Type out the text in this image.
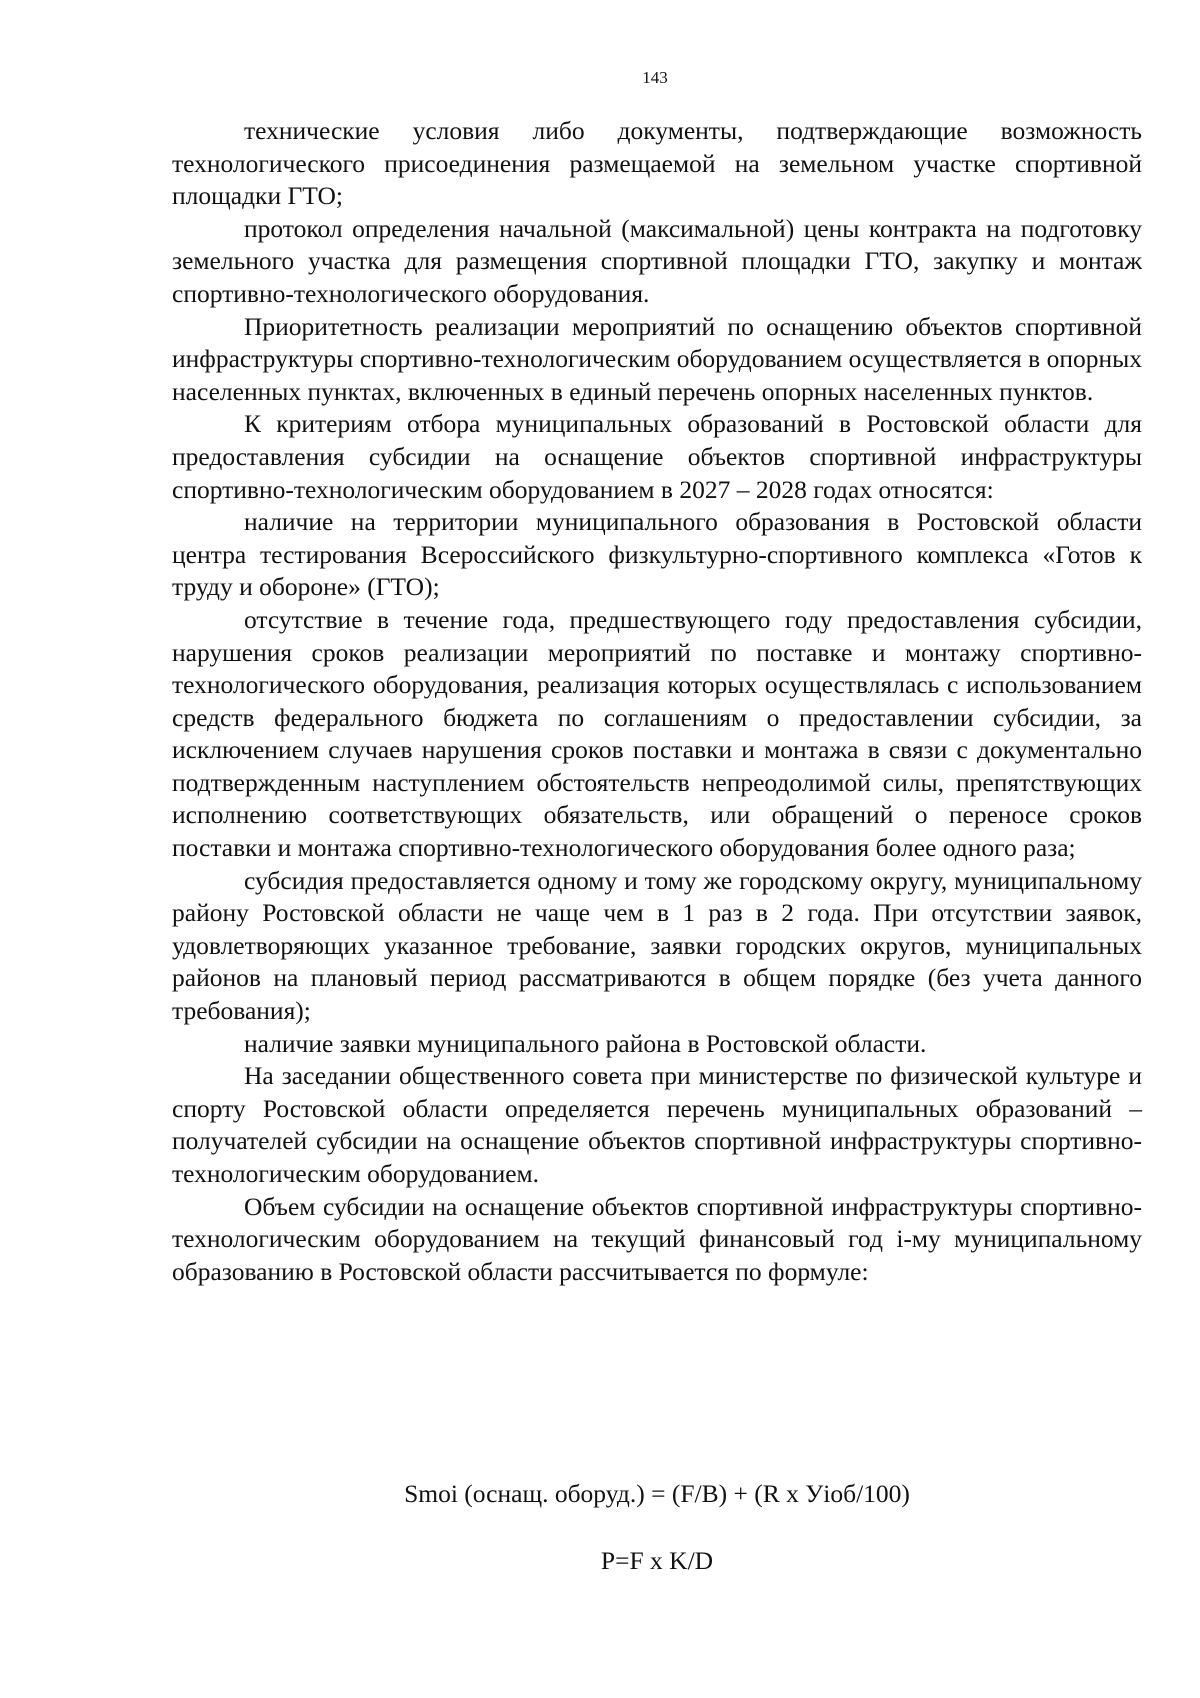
143

технические условия либо документы, подтверждающие возможность технологического присоединения размещаемой на земельном участке спортивной площадки ГТО;

протокол определения начальной (максимальной) цены контракта на подготовку земельного участка для размещения спортивной площадки ГТО, закупку и монтаж спортивно-технологического оборудования.

Приоритетность реализации мероприятий по оснащению объектов спортивной инфраструктуры спортивно-технологическим оборудованием осуществляется в опорных населенных пунктах, включенных в единый перечень опорных населенных пунктов.

К критериям отбора муниципальных образований в Ростовской области для предоставления субсидии на оснащение объектов спортивной инфраструктуры спортивно-технологическим оборудованием в 2027 – 2028 годах относятся:

наличие на территории муниципального образования в Ростовской области центра тестирования Всероссийского физкультурно-спортивного комплекса «Готов к труду и обороне» (ГТО);

отсутствие в течение года, предшествующего году предоставления субсидии, нарушения сроков реализации мероприятий по поставке и монтажу спортивно-технологического оборудования, реализация которых осуществлялась с использованием средств федерального бюджета по соглашениям о предоставлении субсидии, за исключением случаев нарушения сроков поставки и монтажа в связи с документально подтвержденным наступлением обстоятельств непреодолимой силы, препятствующих исполнению соответствующих обязательств, или обращений о переносе сроков поставки и монтажа спортивно-технологического оборудования более одного раза;

субсидия предоставляется одному и тому же городскому округу, муниципальному району Ростовской области не чаще чем в 1 раз в 2 года. При отсутствии заявок, удовлетворяющих указанное требование, заявки городских округов, муниципальных районов на плановый период рассматриваются в общем порядке (без учета данного требования);

наличие заявки муниципального района в Ростовской области.

На заседании общественного совета при министерстве по физической культуре и спорту Ростовской области определяется перечень муниципальных образований – получателей субсидии на оснащение объектов спортивной инфраструктуры спортивно-технологическим оборудованием.

Объем субсидии на оснащение объектов спортивной инфраструктуры спортивно-технологическим оборудованием на текущий финансовый год i-му муниципальному образованию в Ростовской области рассчитывается по формуле:

Smoi (оснащ. оборуд.) = (F/B) + (R x Уioб/100)

P=F x K/D
